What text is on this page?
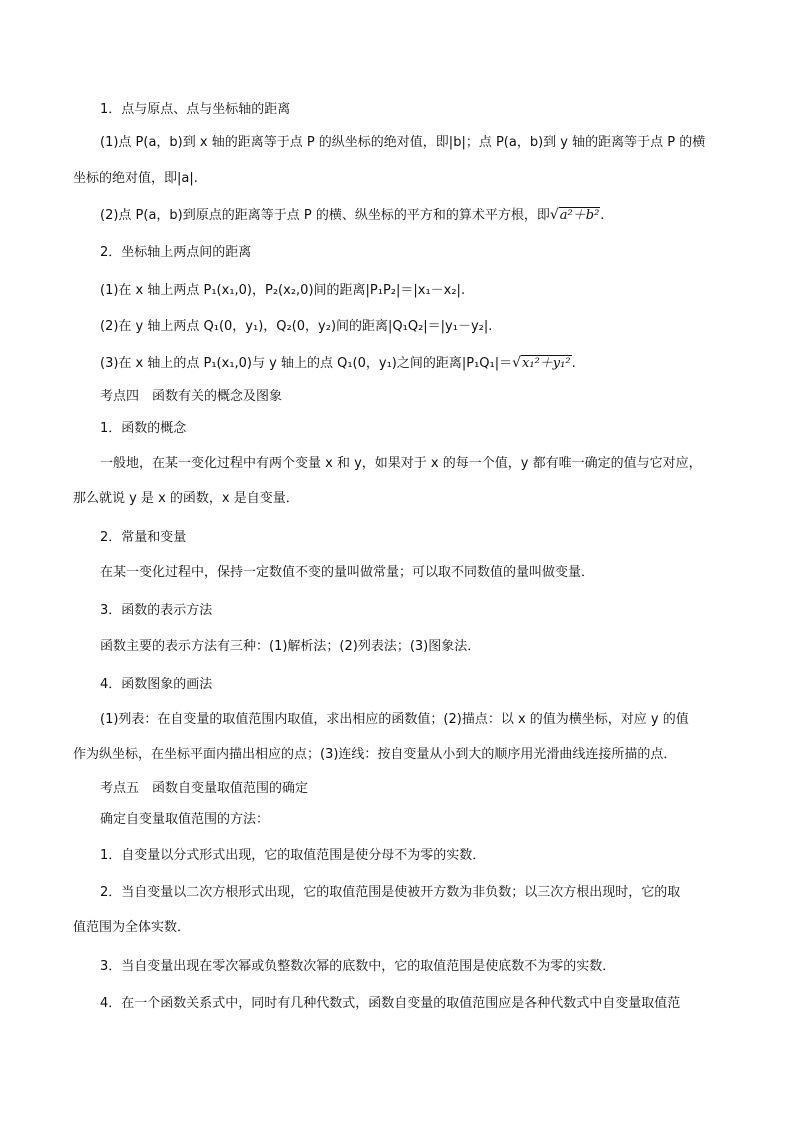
1．点与原点、点与坐标轴的距离
(1)点 P(a，b)到 x 轴的距离等于点 P 的纵坐标的绝对值，即|b|；点 P(a，b)到 y 轴的距离等于点 P 的横
坐标的绝对值，即|a|.
(2)点 P(a，b)到原点的距离等于点 P 的横、纵坐标的平方和的算术平方根，即√a²＋b².
2．坐标轴上两点间的距离
(1)在 x 轴上两点 P₁(x₁,0)，P₂(x₂,0)间的距离|P₁P₂|＝|x₁－x₂|.
(2)在 y 轴上两点 Q₁(0，y₁)，Q₂(0，y₂)间的距离|Q₁Q₂|＝|y₁－y₂|.
(3)在 x 轴上的点 P₁(x₁,0)与 y 轴上的点 Q₁(0，y₁)之间的距离|P₁Q₁|＝√x₁²＋y₁².
考点四　函数有关的概念及图象
1．函数的概念
一般地，在某一变化过程中有两个变量 x 和 y，如果对于 x 的每一个值，y 都有唯一确定的值与它对应，
那么就说 y 是 x 的函数，x 是自变量．
2．常量和变量
在某一变化过程中，保持一定数值不变的量叫做常量；可以取不同数值的量叫做变量．
3．函数的表示方法
函数主要的表示方法有三种：(1)解析法；(2)列表法；(3)图象法．
4．函数图象的画法
(1)列表：在自变量的取值范围内取值，求出相应的函数值；(2)描点：以 x 的值为横坐标，对应 y 的值
作为纵坐标，在坐标平面内描出相应的点；(3)连线：按自变量从小到大的顺序用光滑曲线连接所描的点．
考点五　函数自变量取值范围的确定
确定自变量取值范围的方法：
1．自变量以分式形式出现，它的取值范围是使分母不为零的实数．
2．当自变量以二次方根形式出现，它的取值范围是使被开方数为非负数；以三次方根出现时，它的取
值范围为全体实数．
3．当自变量出现在零次幂或负整数次幂的底数中，它的取值范围是使底数不为零的实数．
4．在一个函数关系式中，同时有几种代数式，函数自变量的取值范围应是各种代数式中自变量取值范
